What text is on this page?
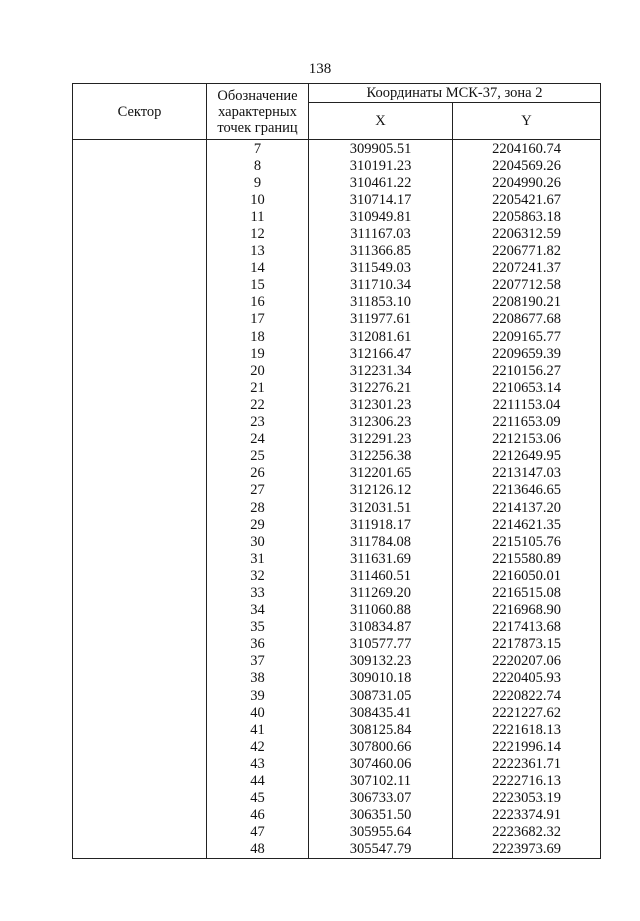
138
Сектор	Обозначение характерных точек границ	Координаты МСК-37, зона 2	
		X	Y
	7	309905.51	2204160.74
	8	310191.23	2204569.26
	9	310461.22	2204990.26
	10	310714.17	2205421.67
	11	310949.81	2205863.18
	12	311167.03	2206312.59
	13	311366.85	2206771.82
	14	311549.03	2207241.37
	15	311710.34	2207712.58
	16	311853.10	2208190.21
	17	311977.61	2208677.68
	18	312081.61	2209165.77
	19	312166.47	2209659.39
	20	312231.34	2210156.27
	21	312276.21	2210653.14
	22	312301.23	2211153.04
	23	312306.23	2211653.09
	24	312291.23	2212153.06
	25	312256.38	2212649.95
	26	312201.65	2213147.03
	27	312126.12	2213646.65
	28	312031.51	2214137.20
	29	311918.17	2214621.35
	30	311784.08	2215105.76
	31	311631.69	2215580.89
	32	311460.51	2216050.01
	33	311269.20	2216515.08
	34	311060.88	2216968.90
	35	310834.87	2217413.68
	36	310577.77	2217873.15
	37	309132.23	2220207.06
	38	309010.18	2220405.93
	39	308731.05	2220822.74
	40	308435.41	2221227.62
	41	308125.84	2221618.13
	42	307800.66	2221996.14
	43	307460.06	2222361.71
	44	307102.11	2222716.13
	45	306733.07	2223053.19
	46	306351.50	2223374.91
	47	305955.64	2223682.32
	48	305547.79	2223973.69
